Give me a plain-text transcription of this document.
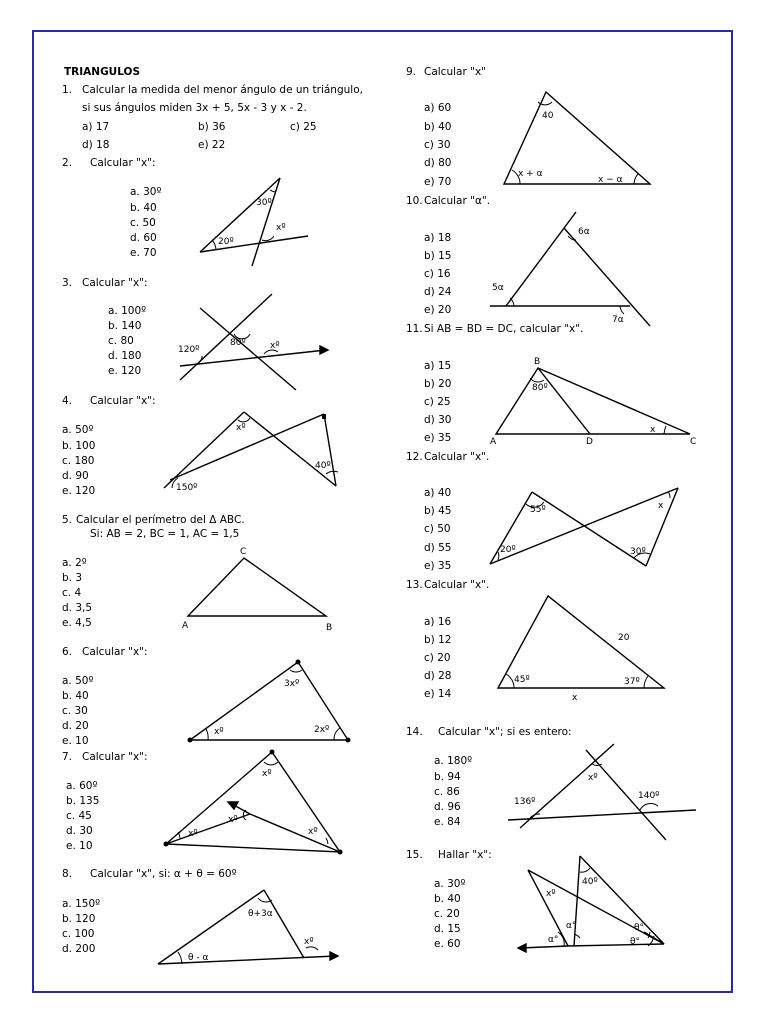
TRIANGULOS
1. Calcular la medida del menor ángulo de un triángulo,
si sus ángulos miden 3x + 5, 5x - 3 y x - 2.
a) 17	b) 36	c) 25
d) 18	e) 22
2. Calcular "x":
a. 30º
b. 40
c. 50
d. 60
e. 70
30º
20º
xº
3. Calcular "x":
a. 100º
b. 140
c. 80
d. 180
e. 120
120º
80º	xº
4. Calcular "x":
a. 50º
b. 100
c. 180
d. 90
e. 120
xº
40º
150º
5. Calcular el perímetro del Δ ABC.
Si: AB = 2, BC = 1, AC = 1,5
a. 2º
b. 3
c. 4
d. 3,5
e. 4,5
C
A	B
6. Calcular "x":
a. 50º
b. 40
c. 30
d. 20
e. 10
xº
3xº
2xº
7. Calcular "x":
a. 60º
b. 135
c. 45
d. 30
e. 10
xº
xº
xº
xº
8. Calcular "x", si: α + θ = 60º
a. 150º
b. 120
c. 100
d. 200
θ+3α
xº
θ - α
9. Calcular "x"
a) 60
b) 40
c) 30
d) 80
e) 70
40
x + α
x − α
10. Calcular "α".
a) 18
b) 15
c) 16
d) 24
e) 20
6α
5α
7α
11. Si AB = BD = DC, calcular "x".
a) 15
b) 20
c) 25
d) 30
e) 35
B
80º
A	D
x
C
12. Calcular "x".
a) 40
b) 45
c) 50
d) 55
e) 35
55º	x
20º	30º
13. Calcular "x".
a) 16
b) 12
c) 20
d) 28
e) 14
20
45º	37º
x
14. Calcular "x"; si es entero:
a. 180º
b. 94
c. 86
d. 96
e. 84
xº
136º
140º
15. Hallar "x":
a. 30º
b. 40
c. 20
d. 15
e. 60
40º
xº
α°
α°
θ°
θ°
